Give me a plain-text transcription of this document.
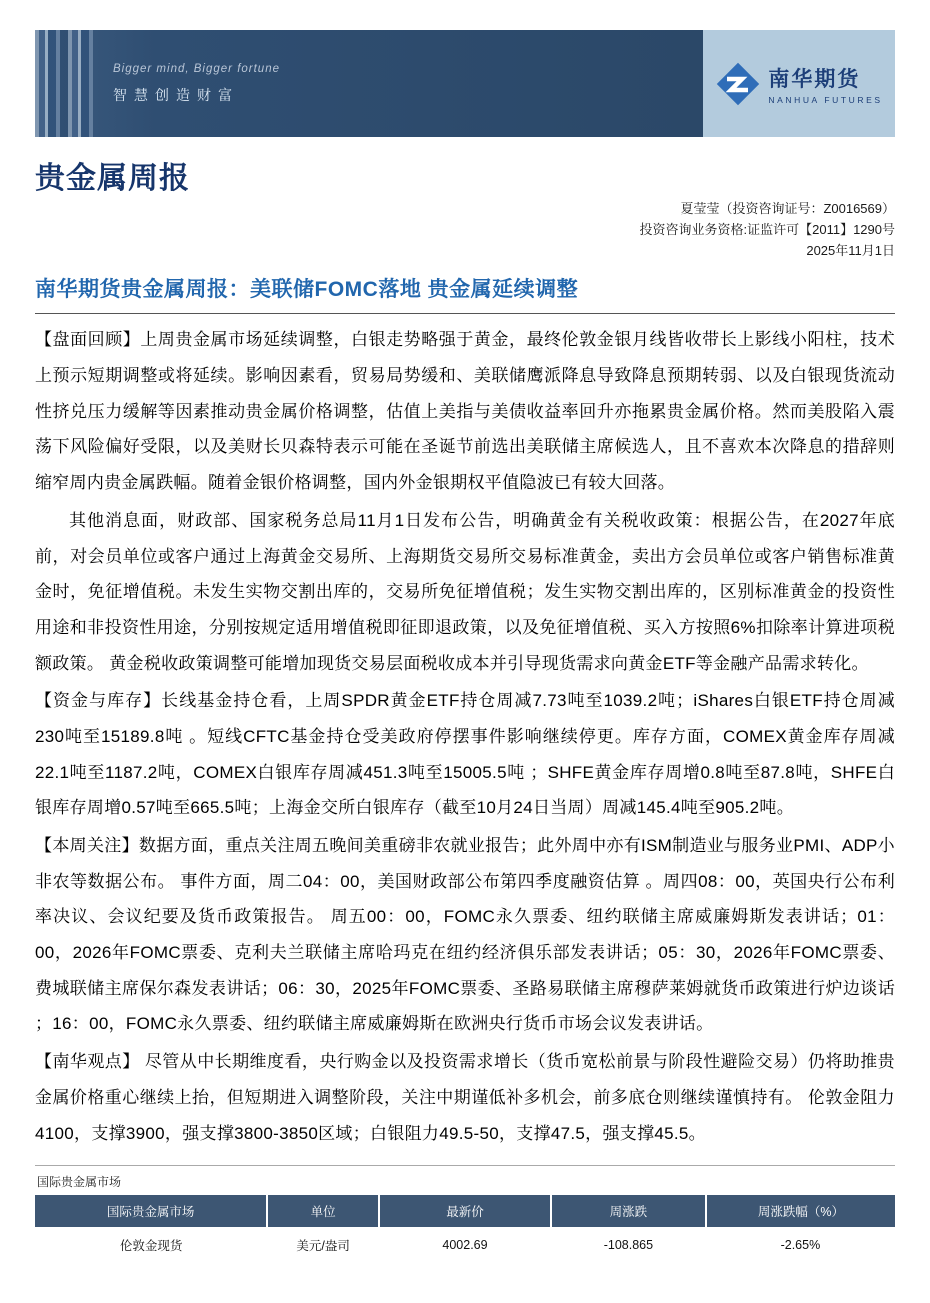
Bigger mind, Bigger fortune
智慧创造财富
南华期货
NANHUA FUTURES
贵金属周报
夏莹莹（投资咨询证号：Z0016569）
投资咨询业务资格:证监许可【2011】1290号
2025年11月1日
南华期货贵金属周报：美联储FOMC落地 贵金属延续调整

【盘面回顾】上周贵金属市场延续调整，白银走势略强于黄金，最终伦敦金银月线皆收带长上影线小阳柱，技术上预示短期调整或将延续。影响因素看，贸易局势缓和、美联储鹰派降息导致降息预期转弱、以及白银现货流动性挤兑压力缓解等因素推动贵金属价格调整，估值上美指与美债收益率回升亦拖累贵金属价格。然而美股陷入震荡下风险偏好受限，以及美财长贝森特表示可能在圣诞节前选出美联储主席候选人，且不喜欢本次降息的措辞则缩窄周内贵金属跌幅。随着金银价格调整，国内外金银期权平值隐波已有较大回落。

其他消息面，财政部、国家税务总局11月1日发布公告，明确黄金有关税收政策：根据公告，在2027年底前，对会员单位或客户通过上海黄金交易所、上海期货交易所交易标准黄金，卖出方会员单位或客户销售标准黄金时，免征增值税。未发生实物交割出库的，交易所免征增值税；发生实物交割出库的，区别标准黄金的投资性用途和非投资性用途，分别按规定适用增值税即征即退政策，以及免征增值税、买入方按照6%扣除率计算进项税额政策。 黄金税收政策调整可能增加现货交易层面税收成本并引导现货需求向黄金ETF等金融产品需求转化。

【资金与库存】长线基金持仓看，上周SPDR黄金ETF持仓周减7.73吨至1039.2吨；iShares白银ETF持仓周减230吨至15189.8吨 。短线CFTC基金持仓受美政府停摆事件影响继续停更。库存方面，COMEX黄金库存周减22.1吨至1187.2吨，COMEX白银库存周减451.3吨至15005.5吨 ；SHFE黄金库存周增0.8吨至87.8吨，SHFE白银库存周增0.57吨至665.5吨；上海金交所白银库存（截至10月24日当周）周减145.4吨至905.2吨。

【本周关注】数据方面，重点关注周五晚间美重磅非农就业报告；此外周中亦有ISM制造业与服务业PMI、ADP小非农等数据公布。 事件方面，周二04：00，美国财政部公布第四季度融资估算 。周四08：00，英国央行公布利率决议、会议纪要及货币政策报告。 周五00：00，FOMC永久票委、纽约联储主席威廉姆斯发表讲话；01：00，2026年FOMC票委、克利夫兰联储主席哈玛克在纽约经济俱乐部发表讲话；05：30，2026年FOMC票委、费城联储主席保尔森发表讲话；06：30，2025年FOMC票委、圣路易联储主席穆萨莱姆就货币政策进行炉边谈话 ；16：00，FOMC永久票委、纽约联储主席威廉姆斯在欧洲央行货币市场会议发表讲话。

【南华观点】 尽管从中长期维度看，央行购金以及投资需求增长（货币宽松前景与阶段性避险交易）仍将助推贵金属价格重心继续上抬，但短期进入调整阶段，关注中期谨低补多机会，前多底仓则继续谨慎持有。 伦敦金阻力4100，支撑3900，强支撑3800-3850区域；白银阻力49.5-50，支撑47.5，强支撑45.5。

国际贵金属市场
国际贵金属市场	单位	最新价	周涨跌	周涨跌幅（%）
伦敦金现货	美元/盎司	4002.69	-108.865	-2.65%
